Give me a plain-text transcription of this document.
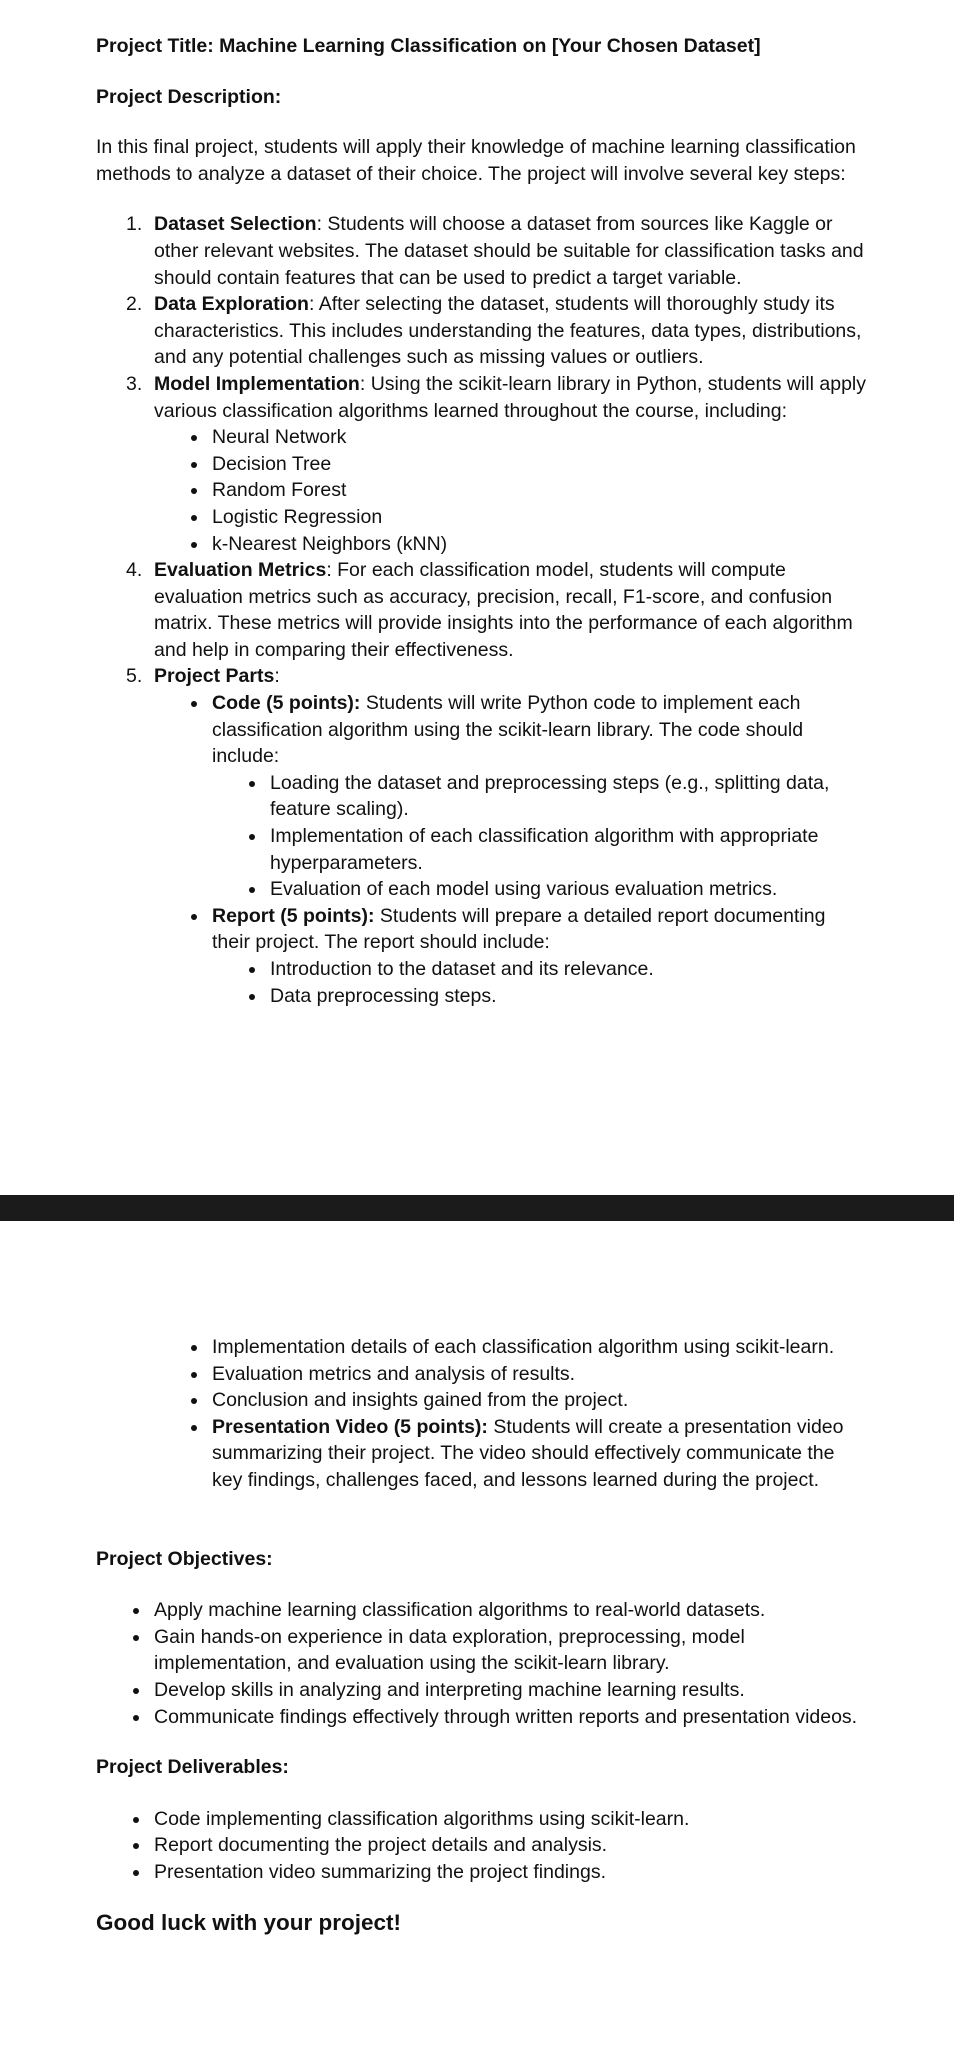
Project Title: Machine Learning Classification on [Your Chosen Dataset]

Project Description:

In this final project, students will apply their knowledge of machine learning classification methods to analyze a dataset of their choice. The project will involve several key steps:

1. Dataset Selection: Students will choose a dataset from sources like Kaggle or other relevant websites. The dataset should be suitable for classification tasks and should contain features that can be used to predict a target variable.
2. Data Exploration: After selecting the dataset, students will thoroughly study its characteristics. This includes understanding the features, data types, distributions, and any potential challenges such as missing values or outliers.
3. Model Implementation: Using the scikit-learn library in Python, students will apply various classification algorithms learned throughout the course, including:
Neural Network
Decision Tree
Random Forest
Logistic Regression
k-Nearest Neighbors (kNN)
4. Evaluation Metrics: For each classification model, students will compute evaluation metrics such as accuracy, precision, recall, F1-score, and confusion matrix. These metrics will provide insights into the performance of each algorithm and help in comparing their effectiveness.
5. Project Parts:
Code (5 points): Students will write Python code to implement each classification algorithm using the scikit-learn library. The code should include:
Loading the dataset and preprocessing steps (e.g., splitting data, feature scaling).
Implementation of each classification algorithm with appropriate hyperparameters.
Evaluation of each model using various evaluation metrics.
Report (5 points): Students will prepare a detailed report documenting their project. The report should include:
Introduction to the dataset and its relevance.
Data preprocessing steps.
Implementation details of each classification algorithm using scikit-learn.
Evaluation metrics and analysis of results.
Conclusion and insights gained from the project.
Presentation Video (5 points): Students will create a presentation video summarizing their project. The video should effectively communicate the key findings, challenges faced, and lessons learned during the project.

Project Objectives:

Apply machine learning classification algorithms to real-world datasets.
Gain hands-on experience in data exploration, preprocessing, model implementation, and evaluation using the scikit-learn library.
Develop skills in analyzing and interpreting machine learning results.
Communicate findings effectively through written reports and presentation videos.

Project Deliverables:

Code implementing classification algorithms using scikit-learn.
Report documenting the project details and analysis.
Presentation video summarizing the project findings.

Good luck with your project!
